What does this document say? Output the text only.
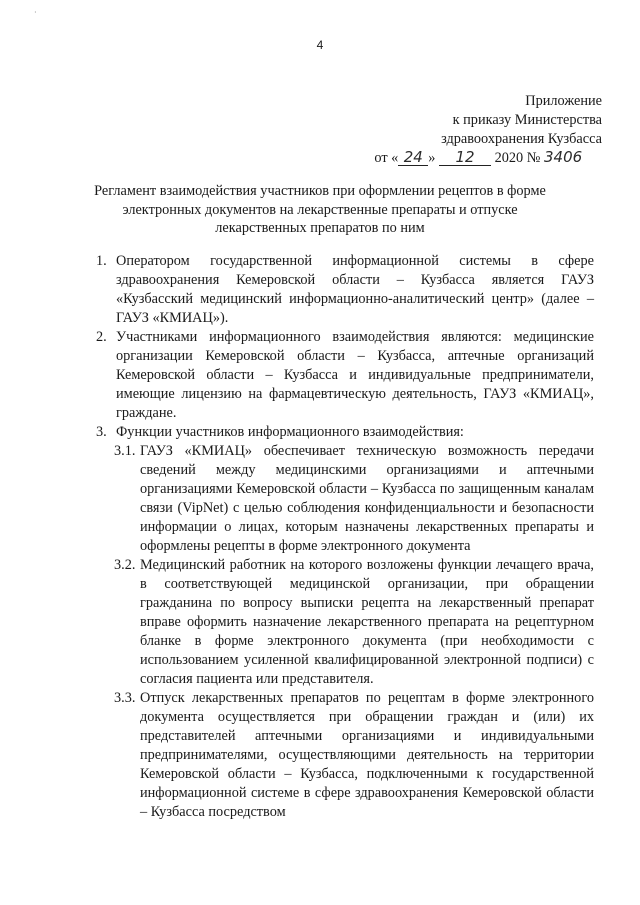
·
4
Приложение
к приказу Министерства
здравоохранения Кузбасса
от « 24 » 12 2020 № 3406
Регламент взаимодействия участников при оформлении рецептов в форме электронных документов на лекарственные препараты и отпуске лекарственных препаратов по ним
1. Оператором государственной информационной системы в сфере здравоохранения Кемеровской области – Кузбасса является ГАУЗ «Кузбасский медицинский информационно-аналитический центр» (далее – ГАУЗ «КМИАЦ»).

2. Участниками информационного взаимодействия являются: медицинские организации Кемеровской области – Кузбасса, аптечные организаций Кемеровской области – Кузбасса и индивидуальные предприниматели, имеющие лицензию на фармацевтическую деятельность, ГАУЗ «КМИАЦ», граждане.

3. Функции участников информационного взаимодействия:

3.1. ГАУЗ «КМИАЦ» обеспечивает техническую возможность передачи сведений между медицинскими организациями и аптечными организациями Кемеровской области – Кузбасса по защищенным каналам связи (VipNet) с целью соблюдения конфиденциальности и безопасности информации о лицах, которым назначены лекарственных препараты и оформлены рецепты в форме электронного документа

3.2. Медицинский работник на которого возложены функции лечащего врача, в соответствующей медицинской организации, при обращении гражданина по вопросу выписки рецепта на лекарственный препарат вправе оформить назначение лекарственного препарата на рецептурном бланке в форме электронного документа (при необходимости с использованием усиленной квалифицированной электронной подписи) с согласия пациента или представителя.

3.3. Отпуск лекарственных препаратов по рецептам в форме электронного документа осуществляется при обращении граждан и (или) их представителей аптечными организациями и индивидуальными предпринимателями, осуществляющими деятельность на территории Кемеровской области – Кузбасса, подключенными к государственной информационной системе в сфере здравоохранения Кемеровской области – Кузбасса посредством
